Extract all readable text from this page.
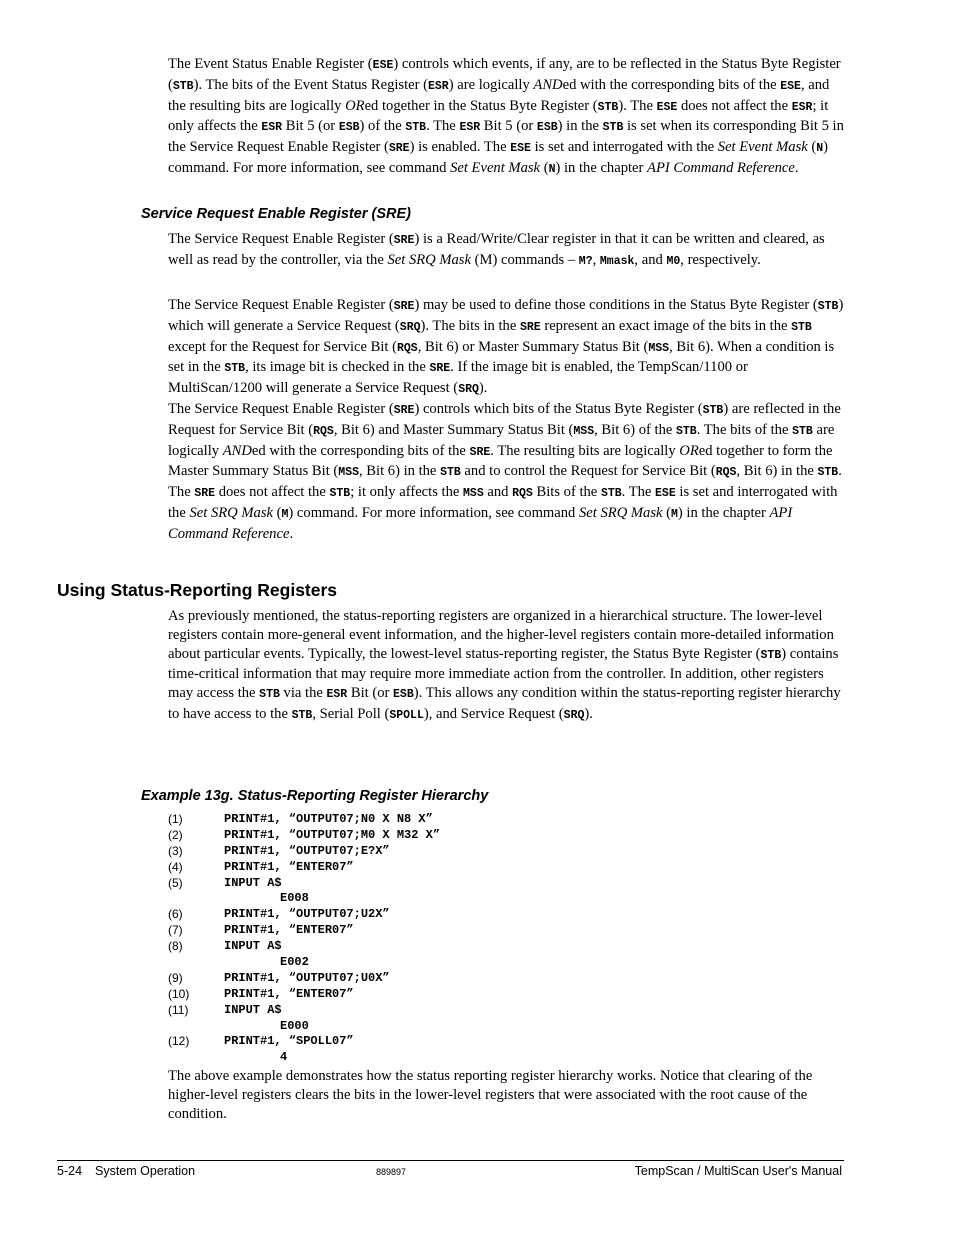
The Event Status Enable Register (ESE) controls which events, if any, are to be reflected in the Status Byte Register (STB). The bits of the Event Status Register (ESR) are logically ANDed with the corresponding bits of the ESE, and the resulting bits are logically ORed together in the Status Byte Register (STB). The ESE does not affect the ESR; it only affects the ESR Bit 5 (or ESB) of the STB. The ESR Bit 5 (or ESB) in the STB is set when its corresponding Bit 5 in the Service Request Enable Register (SRE) is enabled. The ESE is set and interrogated with the Set Event Mask (N) command. For more information, see command Set Event Mask (N) in the chapter API Command Reference.

Service Request Enable Register (SRE)

The Service Request Enable Register (SRE) is a Read/Write/Clear register in that it can be written and cleared, as well as read by the controller, via the Set SRQ Mask (M) commands – M?, Mmask, and M0, respectively.

The Service Request Enable Register (SRE) may be used to define those conditions in the Status Byte Register (STB) which will generate a Service Request (SRQ). The bits in the SRE represent an exact image of the bits in the STB except for the Request for Service Bit (RQS, Bit 6) or Master Summary Status Bit (MSS, Bit 6). When a condition is set in the STB, its image bit is checked in the SRE. If the image bit is enabled, the TempScan/1100 or MultiScan/1200 will generate a Service Request (SRQ).

The Service Request Enable Register (SRE) controls which bits of the Status Byte Register (STB) are reflected in the Request for Service Bit (RQS, Bit 6) and Master Summary Status Bit (MSS, Bit 6) of the STB. The bits of the STB are logically ANDed with the corresponding bits of the SRE. The resulting bits are logically ORed together to form the Master Summary Status Bit (MSS, Bit 6) in the STB and to control the Request for Service Bit (RQS, Bit 6) in the STB. The SRE does not affect the STB; it only affects the MSS and RQS Bits of the STB. The ESE is set and interrogated with the Set SRQ Mask (M) command. For more information, see command Set SRQ Mask (M) in the chapter API Command Reference.

Using Status-Reporting Registers

As previously mentioned, the status-reporting registers are organized in a hierarchical structure. The lower-level registers contain more-general event information, and the higher-level registers contain more-detailed information about particular events. Typically, the lowest-level status-reporting register, the Status Byte Register (STB) contains time-critical information that may require more immediate action from the controller. In addition, other registers may access the STB via the ESR Bit (or ESB). This allows any condition within the status-reporting register hierarchy to have access to the STB, Serial Poll (SPOLL), and Service Request (SRQ).

Example 13g. Status-Reporting Register Hierarchy
(1)	PRINT#1, “OUTPUT07;N0 X N8 X”
(2)	PRINT#1, “OUTPUT07;M0 X M32 X”
(3)	PRINT#1, “OUTPUT07;E?X”
(4)	PRINT#1, “ENTER07”
(5)	INPUT A$
E008
(6)	PRINT#1, “OUTPUT07;U2X”
(7)	PRINT#1, “ENTER07”
(8)	INPUT A$
E002
(9)	PRINT#1, “OUTPUT07;U0X”
(10)	PRINT#1, “ENTER07”
(11)	INPUT A$
E000
(12)	PRINT#1, “SPOLL07”
4

The above example demonstrates how the status reporting register hierarchy works. Notice that clearing of the higher-level registers clears the bits in the lower-level registers that were associated with the root cause of the condition.

5-24 System Operation	889897	TempScan / MultiScan User's Manual
